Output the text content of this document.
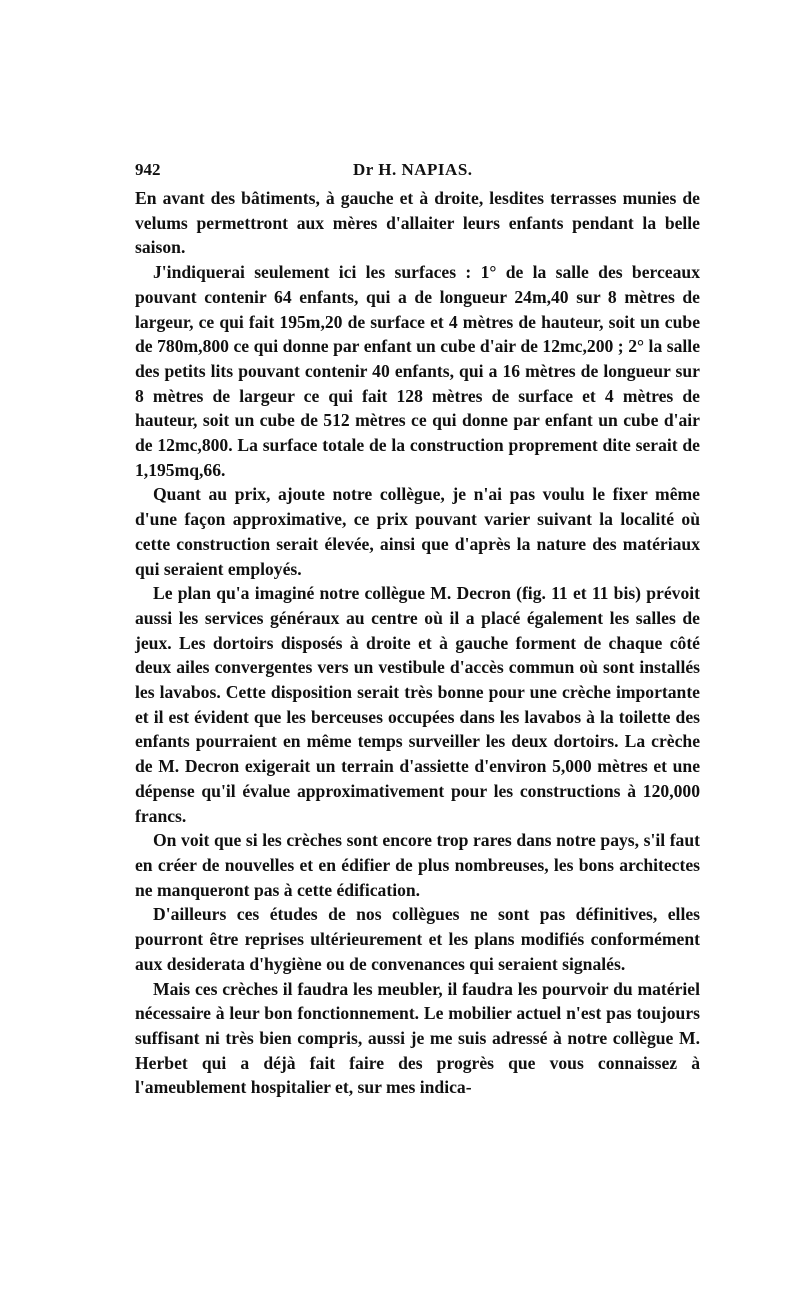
942	Dr H. NAPIAS.

En avant des bâtiments, à gauche et à droite, lesdites terrasses munies de velums permettront aux mères d'allaiter leurs enfants pendant la belle saison.

J'indiquerai seulement ici les surfaces : 1° de la salle des berceaux pouvant contenir 64 enfants, qui a de longueur 24m,40 sur 8 mètres de largeur, ce qui fait 195m,20 de surface et 4 mètres de hauteur, soit un cube de 780m,800 ce qui donne par enfant un cube d'air de 12mc,200 ; 2° la salle des petits lits pouvant contenir 40 enfants, qui a 16 mètres de longueur sur 8 mètres de largeur ce qui fait 128 mètres de surface et 4 mètres de hauteur, soit un cube de 512 mètres ce qui donne par enfant un cube d'air de 12mc,800. La surface totale de la construction proprement dite serait de 1,195mq,66.

Quant au prix, ajoute notre collègue, je n'ai pas voulu le fixer même d'une façon approximative, ce prix pouvant varier suivant la localité où cette construction serait élevée, ainsi que d'après la nature des matériaux qui seraient employés.

Le plan qu'a imaginé notre collègue M. Decron (fig. 11 et 11 bis) prévoit aussi les services généraux au centre où il a placé également les salles de jeux. Les dortoirs disposés à droite et à gauche forment de chaque côté deux ailes convergentes vers un vestibule d'accès commun où sont installés les lavabos. Cette disposition serait très bonne pour une crèche importante et il est évident que les berceuses occupées dans les lavabos à la toilette des enfants pourraient en même temps surveiller les deux dortoirs. La crèche de M. Decron exigerait un terrain d'assiette d'environ 5,000 mètres et une dépense qu'il évalue approximativement pour les constructions à 120,000 francs.

On voit que si les crèches sont encore trop rares dans notre pays, s'il faut en créer de nouvelles et en édifier de plus nombreuses, les bons architectes ne manqueront pas à cette édification.

D'ailleurs ces études de nos collègues ne sont pas définitives, elles pourront être reprises ultérieurement et les plans modifiés conformément aux desiderata d'hygiène ou de convenances qui seraient signalés.

Mais ces crèches il faudra les meubler, il faudra les pourvoir du matériel nécessaire à leur bon fonctionnement. Le mobilier actuel n'est pas toujours suffisant ni très bien compris, aussi je me suis adressé à notre collègue M. Herbet qui a déjà fait faire des progrès que vous connaissez à l'ameublement hospitalier et, sur mes indica-
